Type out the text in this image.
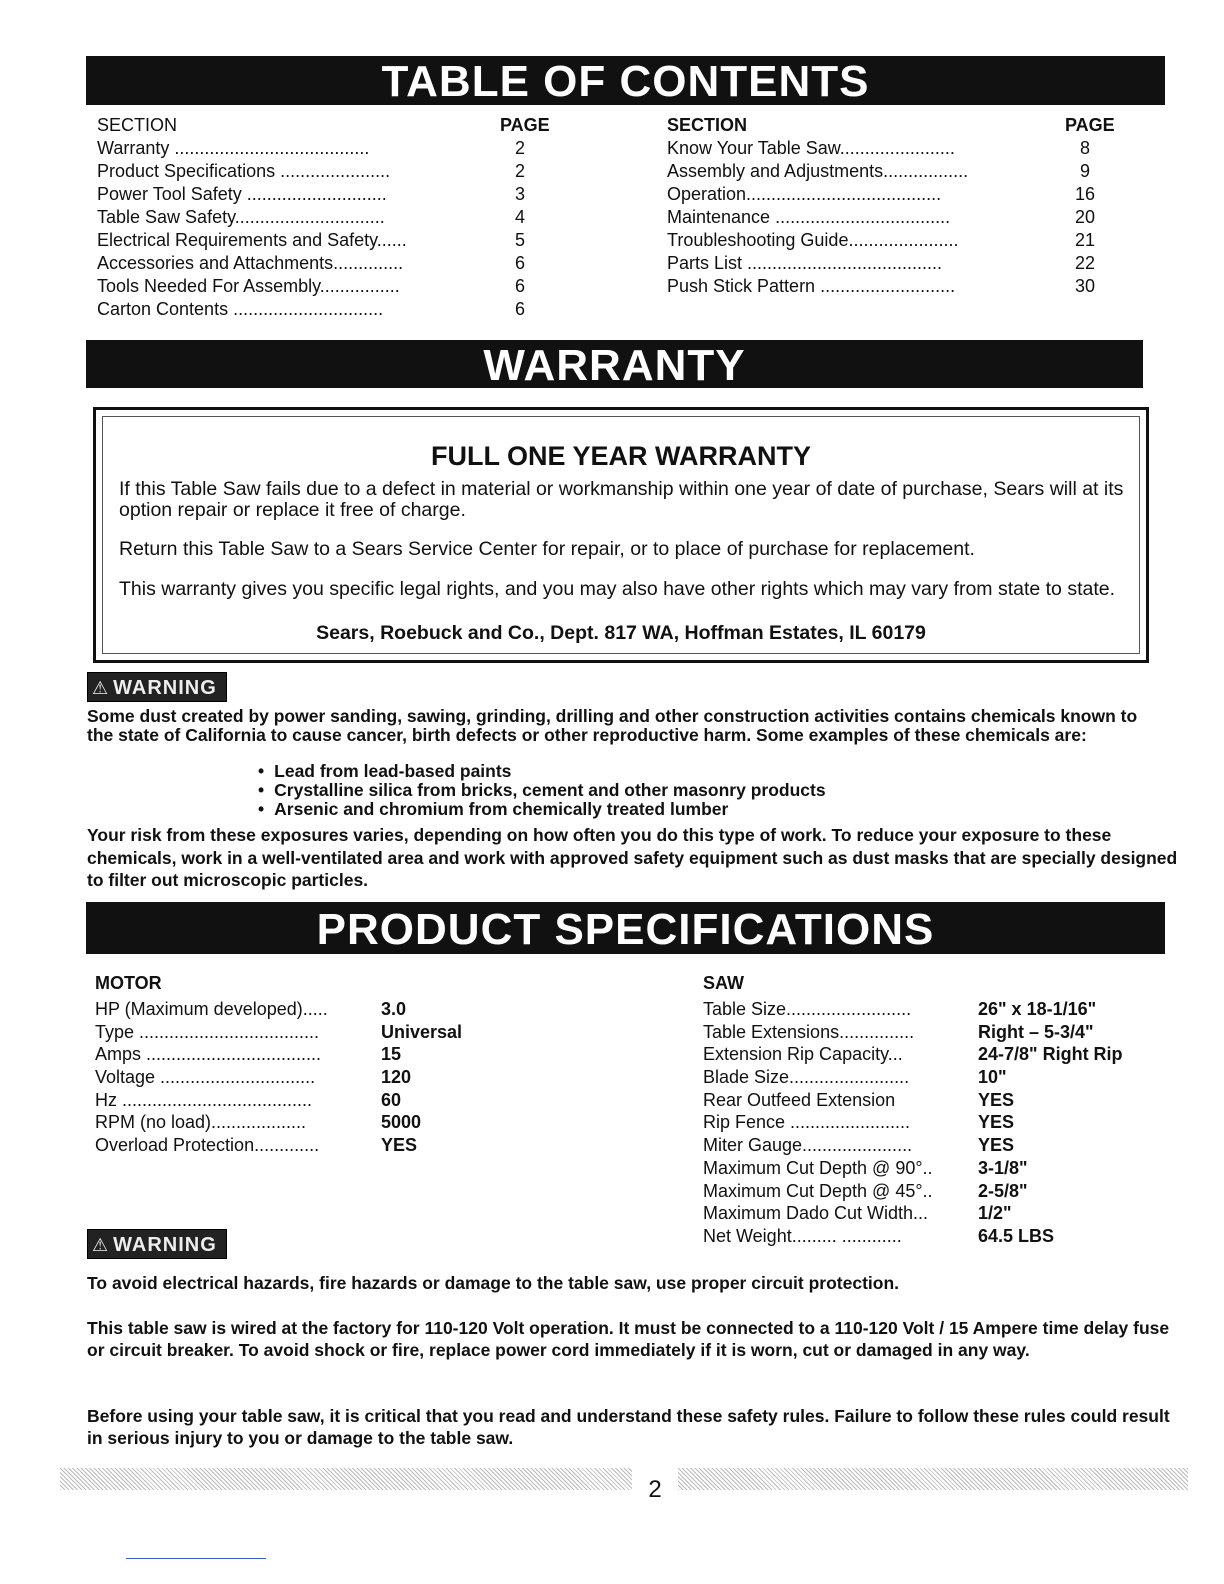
TABLE OF CONTENTS
SECTION	PAGE
Warranty .......................................	2
Product Specifications ......................	2
Power Tool Safety ............................	3
Table Saw Safety..............................	4
Electrical Requirements and Safety......	5
Accessories and Attachments..............	6
Tools Needed For Assembly................	6
Carton Contents ..............................	6
SECTION	PAGE
Know Your Table Saw.......................	8
Assembly and Adjustments.................	9
Operation.......................................	16
Maintenance ...................................	20
Troubleshooting Guide......................	21
Parts List .......................................	22
Push Stick Pattern ...........................	30
WARRANTY
FULL ONE YEAR WARRANTY
If this Table Saw fails due to a defect in material or workmanship within one year of date of purchase, Sears will at its option repair or replace it free of charge.
Return this Table Saw to a Sears Service Center for repair, or to place of purchase for replacement.
This warranty gives you specific legal rights, and you may also have other rights which may vary from state to state.
Sears, Roebuck and Co., Dept. 817 WA, Hoffman Estates, IL 60179
⚠ WARNING
Some dust created by power sanding, sawing, grinding, drilling and other construction activities contains chemicals known to the state of California to cause cancer, birth defects or other reproductive harm. Some examples of these chemicals are:
• Lead from lead-based paints
• Crystalline silica from bricks, cement and other masonry products
• Arsenic and chromium from chemically treated lumber
Your risk from these exposures varies, depending on how often you do this type of work. To reduce your exposure to these chemicals, work in a well-ventilated area and work with approved safety equipment such as dust masks that are specially designed to filter out microscopic particles.
PRODUCT SPECIFICATIONS
MOTOR
HP (Maximum developed).....	3.0
Type ....................................	Universal
Amps ...................................	15
Voltage ...............................	120
Hz ......................................	60
RPM (no load)...................	5000
Overload Protection.............	YES
SAW
Table Size.........................	26" x 18-1/16"
Table Extensions...............	Right – 5-3/4"
Extension Rip Capacity...	24-7/8" Right Rip
Blade Size........................	10"
Rear Outfeed Extension	YES
Rip Fence ........................	YES
Miter Gauge......................	YES
Maximum Cut Depth @ 90°..	3-1/8"
Maximum Cut Depth @ 45°..	2-5/8"
Maximum Dado Cut Width...	1/2"
Net Weight......... ............	64.5 LBS
⚠ WARNING
To avoid electrical hazards, fire hazards or damage to the table saw, use proper circuit protection.
This table saw is wired at the factory for 110-120 Volt operation. It must be connected to a 110-120 Volt / 15 Ampere time delay fuse or circuit breaker. To avoid shock or fire, replace power cord immediately if it is worn, cut or damaged in any way.
Before using your table saw, it is critical that you read and understand these safety rules. Failure to follow these rules could result in serious injury to you or damage to the table saw.
2
